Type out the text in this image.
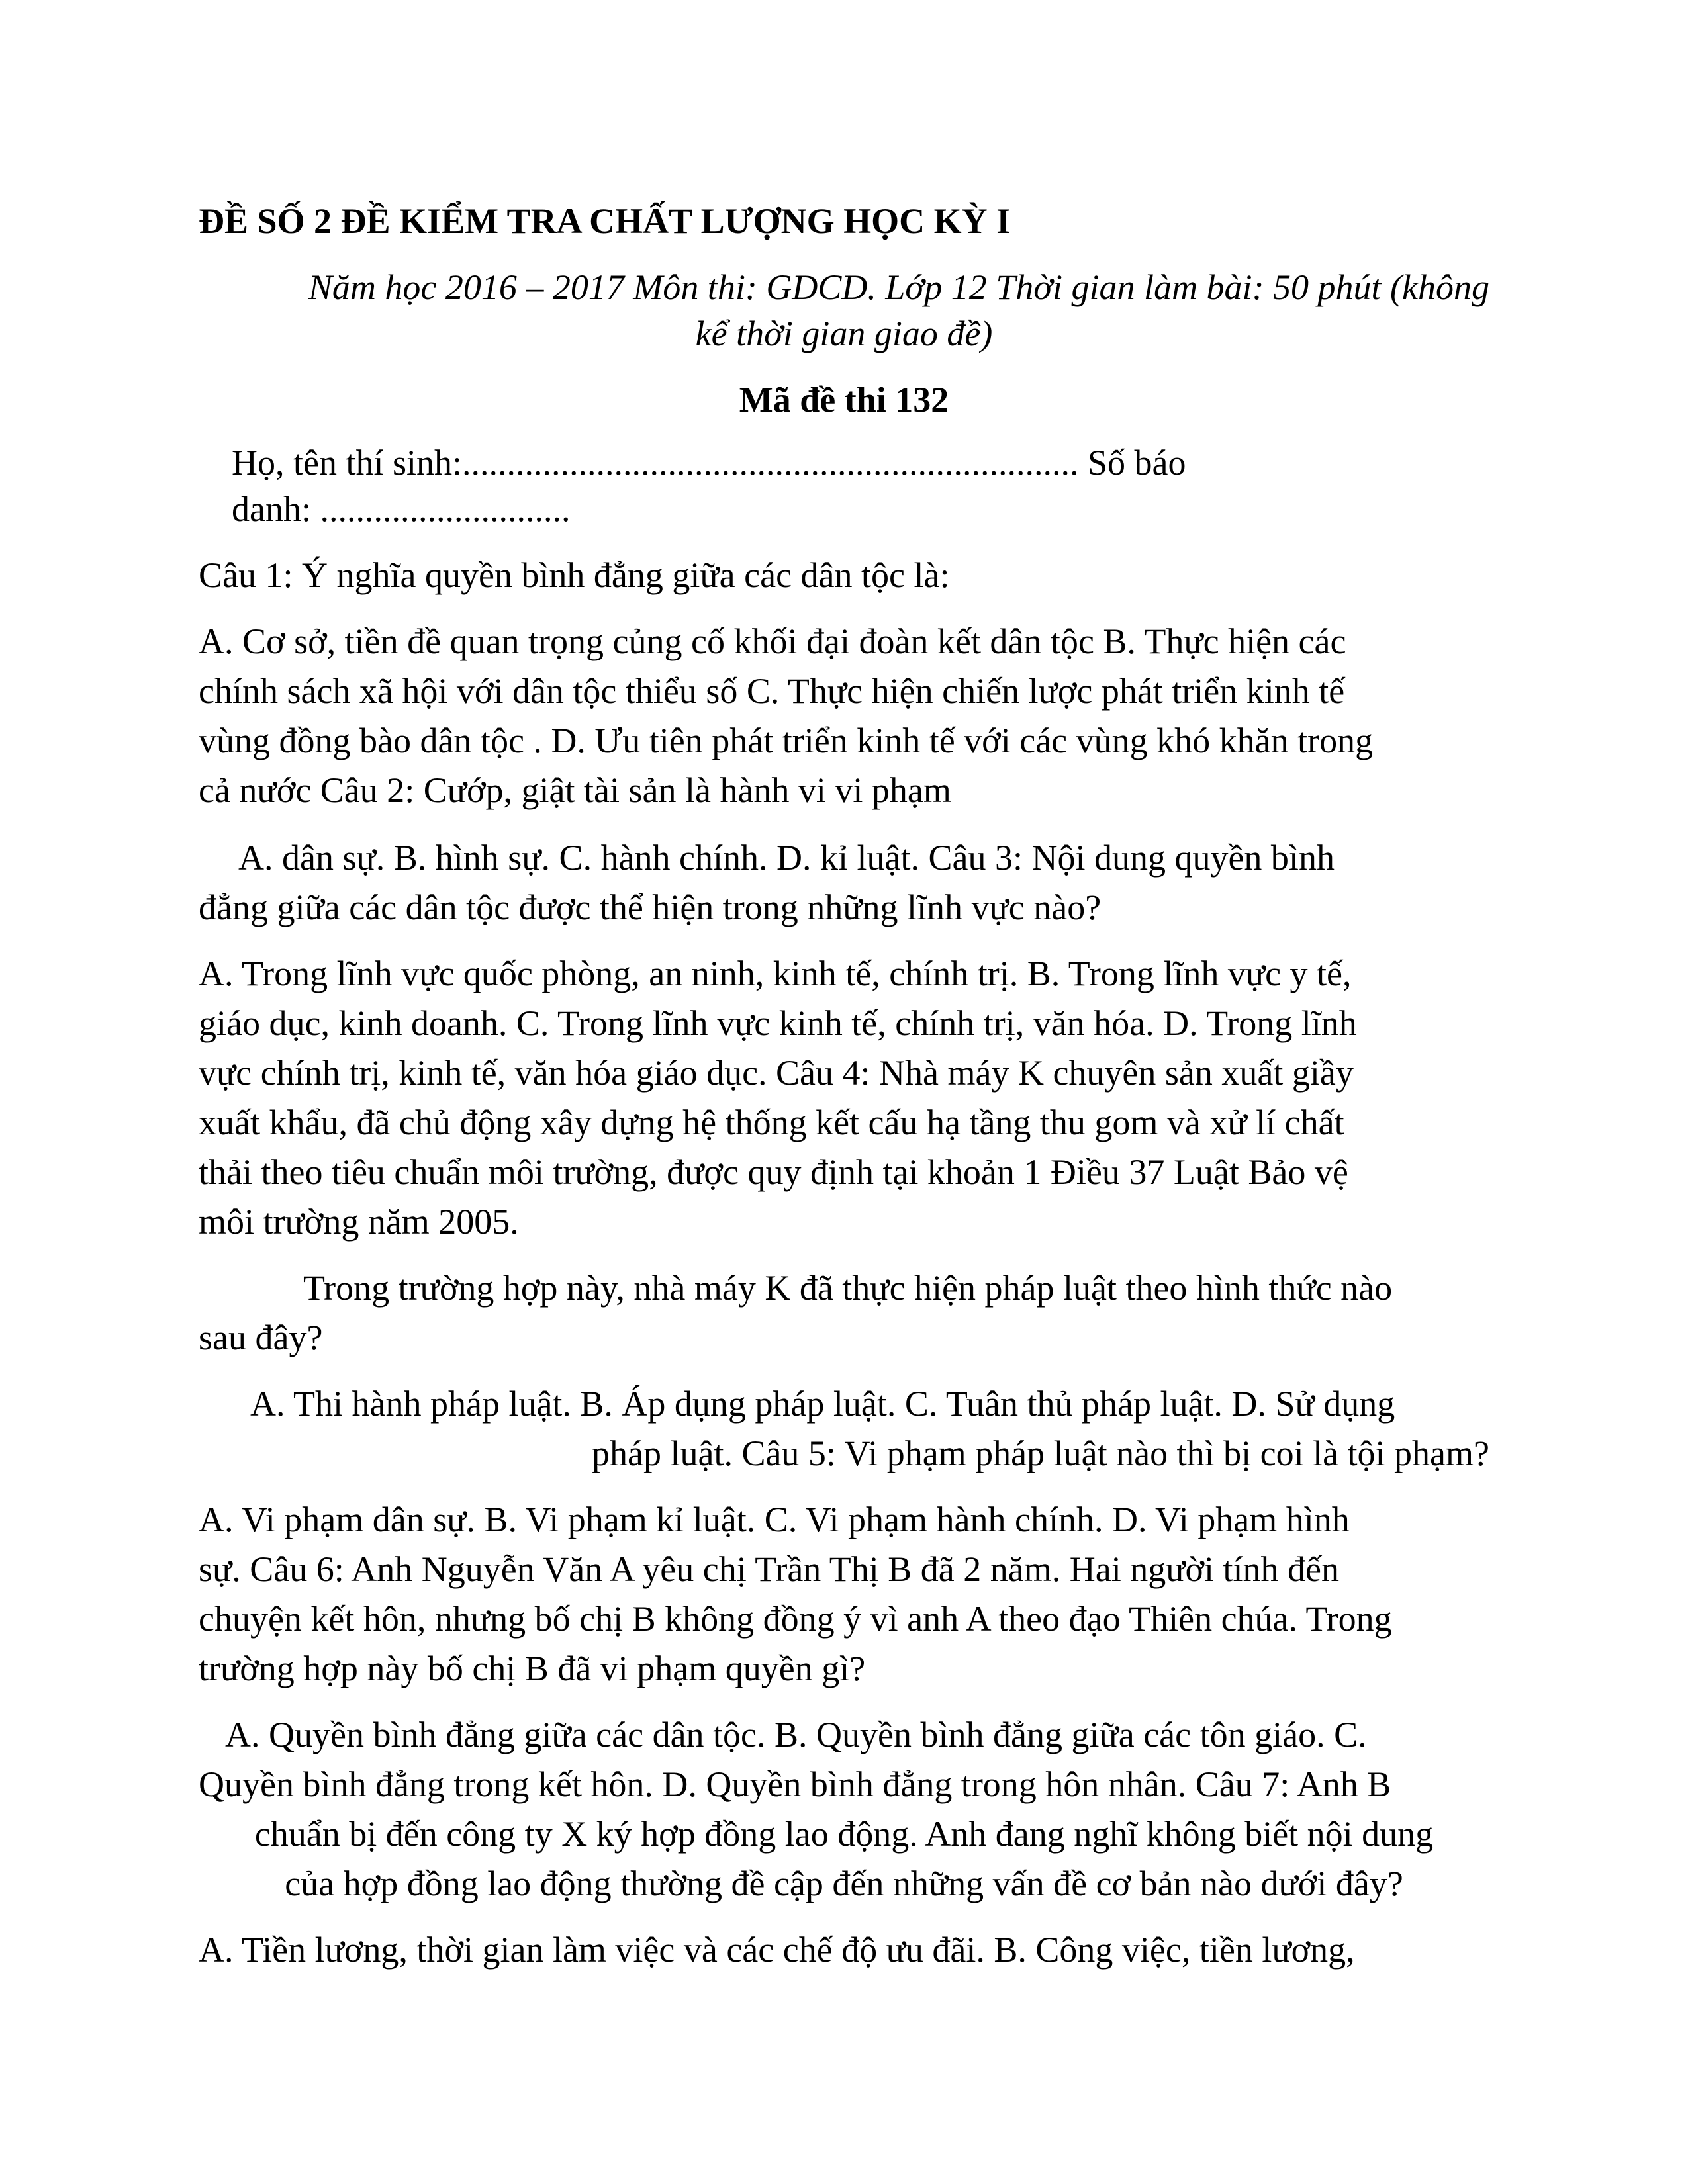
ĐỀ SỐ 2 ĐỀ KIỂM TRA CHẤT LƯỢNG HỌC KỲ I
Năm học 2016 – 2017 Môn thi: GDCD. Lớp 12 Thời gian làm bài: 50 phút (không
kể thời gian giao đề)
Mã đề thi 132
Họ, tên thí sinh:..................................................................... Số báo
danh: ............................
Câu 1: Ý nghĩa quyền bình đẳng giữa các dân tộc là:
A. Cơ sở, tiền đề quan trọng củng cố khối đại đoàn kết dân tộc B. Thực hiện các
chính sách xã hội với dân tộc thiểu số C. Thực hiện chiến lược phát triển kinh tế
vùng đồng bào dân tộc . D. Ưu tiên phát triển kinh tế với các vùng khó khăn trong
cả nước Câu 2: Cướp, giật tài sản là hành vi vi phạm
A. dân sự. B. hình sự. C. hành chính. D. kỉ luật. Câu 3: Nội dung quyền bình
đẳng giữa các dân tộc được thể hiện trong những lĩnh vực nào?
A. Trong lĩnh vực quốc phòng, an ninh, kinh tế, chính trị. B. Trong lĩnh vực y tế,
giáo dục, kinh doanh. C. Trong lĩnh vực kinh tế, chính trị, văn hóa. D. Trong lĩnh
vực chính trị, kinh tế, văn hóa giáo dục. Câu 4: Nhà máy K chuyên sản xuất giầy
xuất khẩu, đã chủ động xây dựng hệ thống kết cấu hạ tầng thu gom và xử lí chất
thải theo tiêu chuẩn môi trường, được quy định tại khoản 1 Điều 37 Luật Bảo vệ
môi trường năm 2005.
Trong trường hợp này, nhà máy K đã thực hiện pháp luật theo hình thức nào
sau đây?
A. Thi hành pháp luật. B. Áp dụng pháp luật. C. Tuân thủ pháp luật. D. Sử dụng
pháp luật. Câu 5: Vi phạm pháp luật nào thì bị coi là tội phạm?
A. Vi phạm dân sự. B. Vi phạm kỉ luật. C. Vi phạm hành chính. D. Vi phạm hình
sự. Câu 6: Anh Nguyễn Văn A yêu chị Trần Thị B đã 2 năm. Hai người tính đến
chuyện kết hôn, nhưng bố chị B không đồng ý vì anh A theo đạo Thiên chúa. Trong
trường hợp này bố chị B đã vi phạm quyền gì?
A. Quyền bình đẳng giữa các dân tộc. B. Quyền bình đẳng giữa các tôn giáo. C.
Quyền bình đẳng trong kết hôn. D. Quyền bình đẳng trong hôn nhân. Câu 7: Anh B
chuẩn bị đến công ty X ký hợp đồng lao động. Anh đang nghĩ không biết nội dung
của hợp đồng lao động thường đề cập đến những vấn đề cơ bản nào dưới đây?
A. Tiền lương, thời gian làm việc và các chế độ ưu đãi. B. Công việc, tiền lương,
